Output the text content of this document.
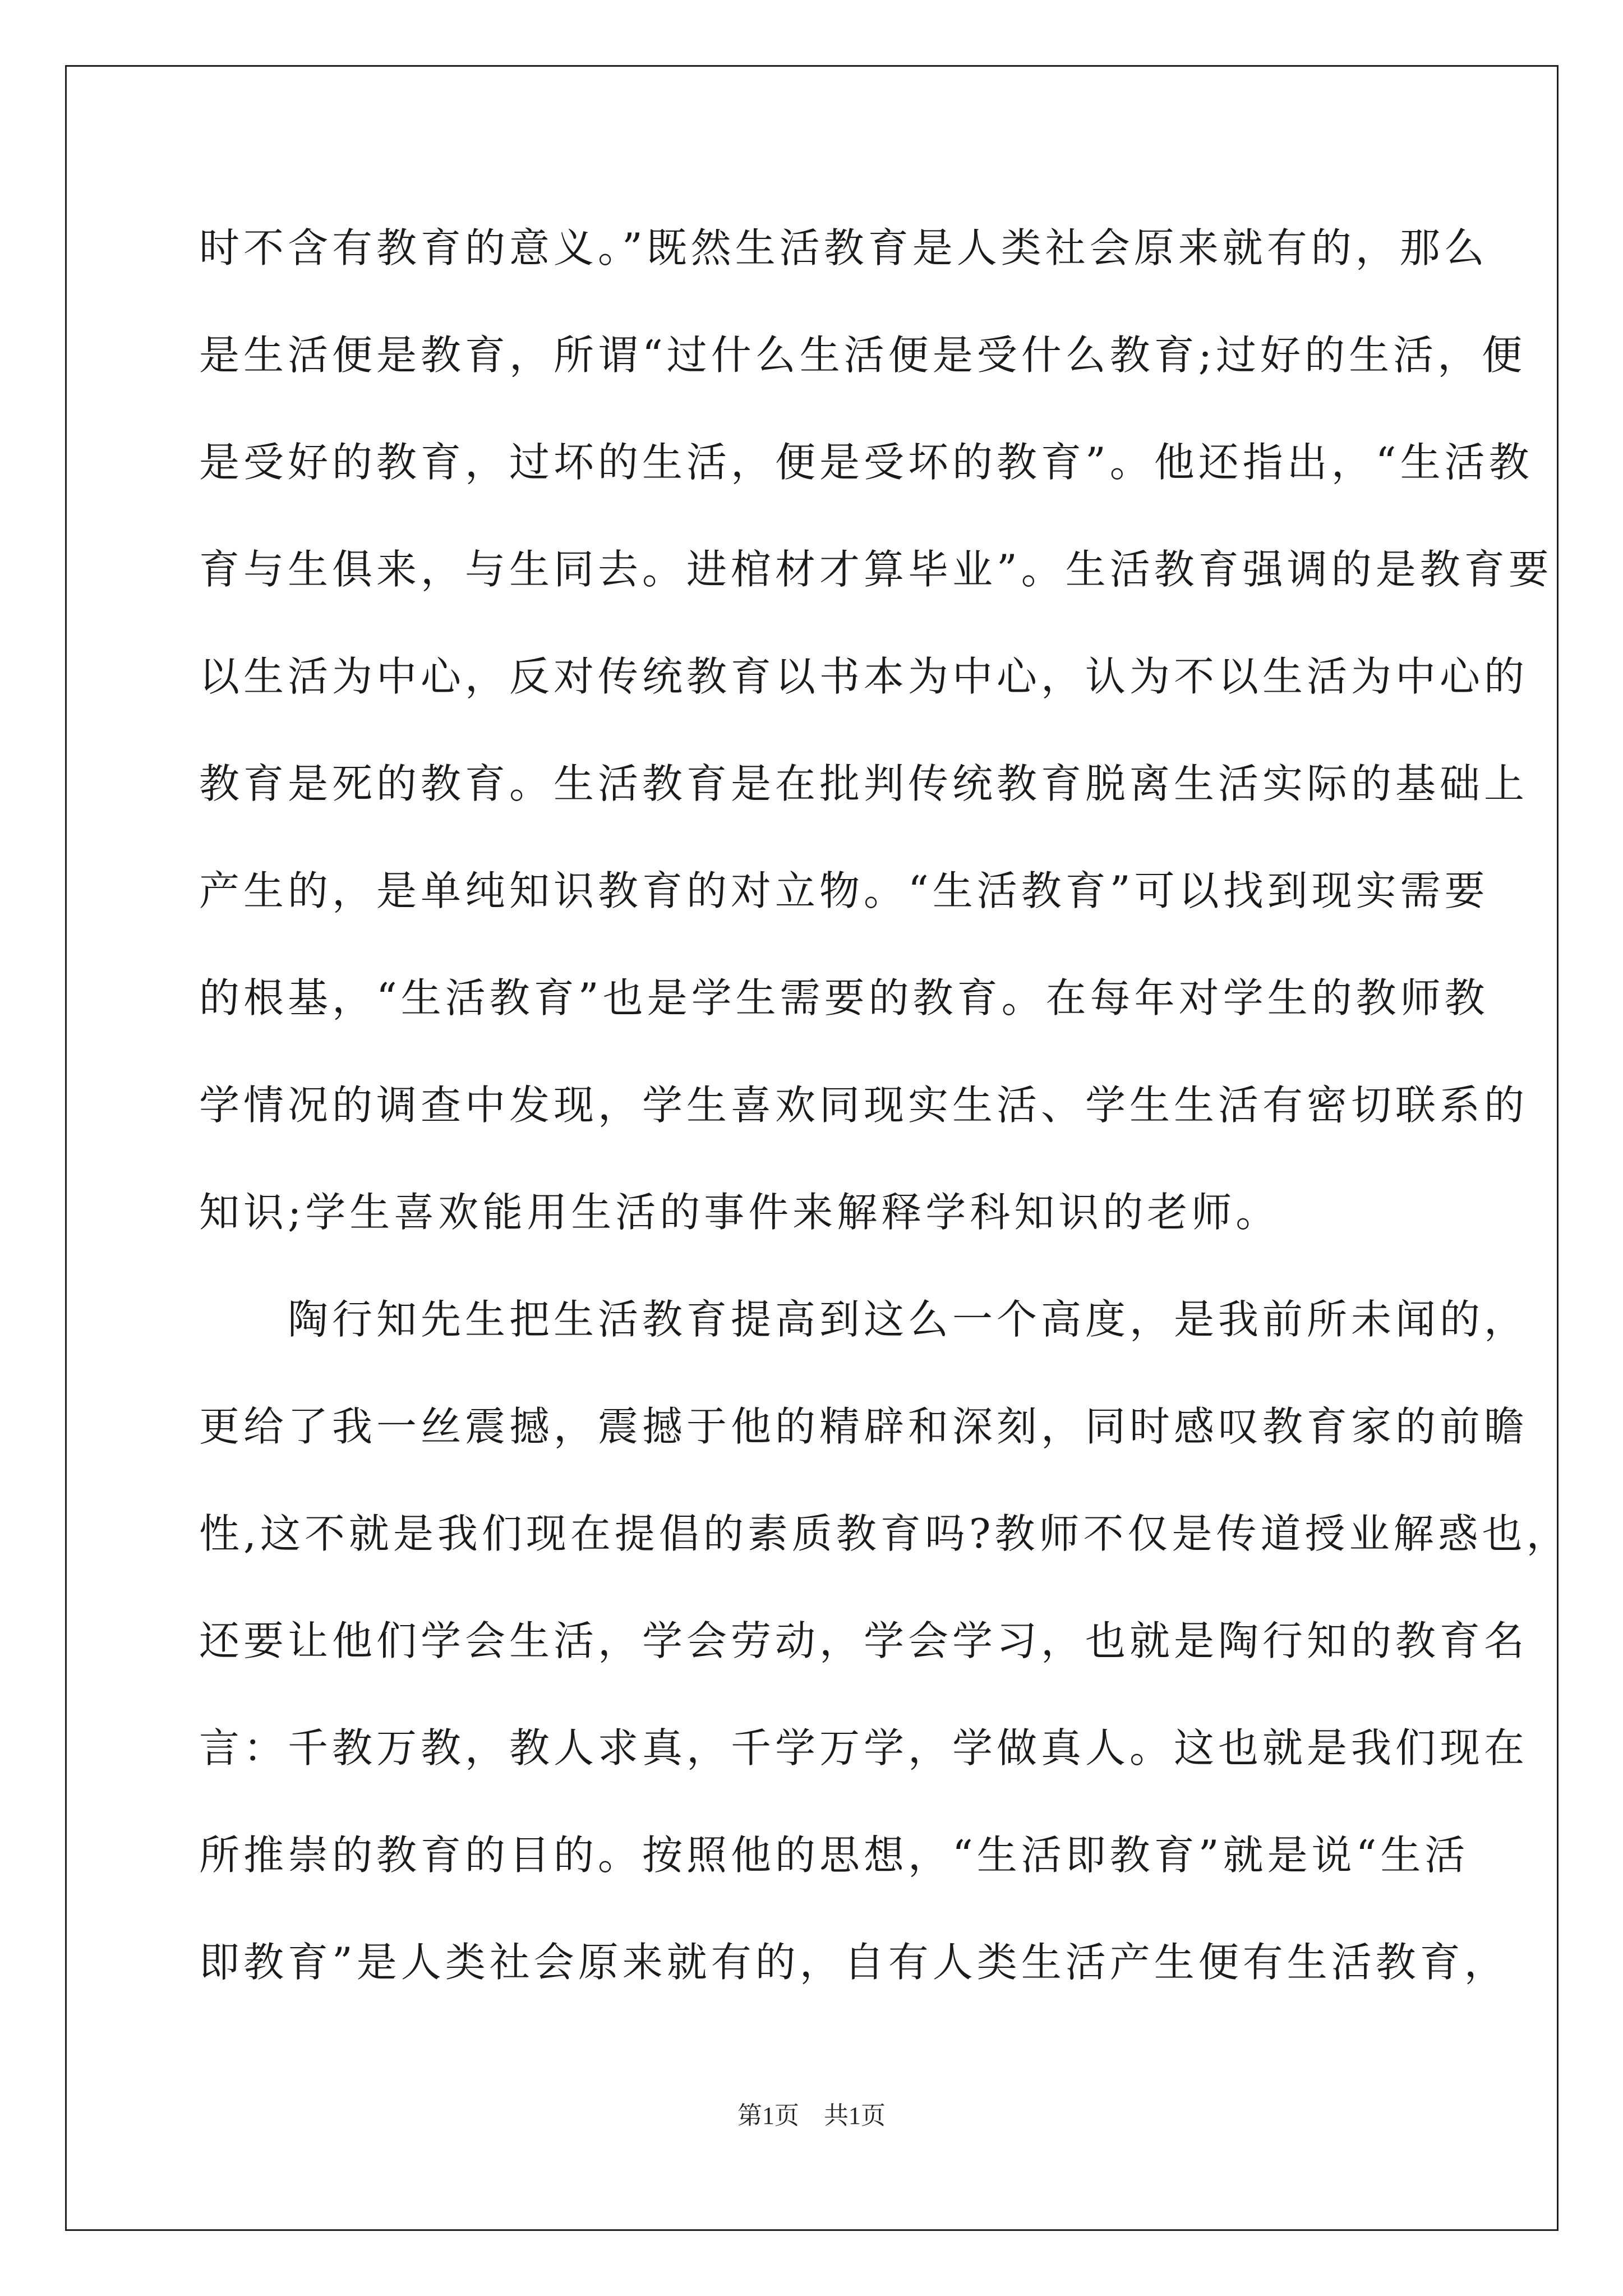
时不含有教育的意义。”既然生活教育是人类社会原来就有的，那么
是生活便是教育，所谓“过什么生活便是受什么教育;过好的生活，便
是受好的教育，过坏的生活，便是受坏的教育”。他还指出，“生活教
育与生俱来，与生同去。进棺材才算毕业”。生活教育强调的是教育要
以生活为中心，反对传统教育以书本为中心，认为不以生活为中心的
教育是死的教育。生活教育是在批判传统教育脱离生活实际的基础上
产生的，是单纯知识教育的对立物。“生活教育”可以找到现实需要
的根基，“生活教育”也是学生需要的教育。在每年对学生的教师教
学情况的调查中发现，学生喜欢同现实生活、学生生活有密切联系的
知识;学生喜欢能用生活的事件来解释学科知识的老师。
　　陶行知先生把生活教育提高到这么一个高度，是我前所未闻的，
更给了我一丝震撼，震撼于他的精辟和深刻，同时感叹教育家的前瞻
性,这不就是我们现在提倡的素质教育吗?教师不仅是传道授业解惑也，
还要让他们学会生活，学会劳动，学会学习，也就是陶行知的教育名
言：千教万教，教人求真，千学万学，学做真人。这也就是我们现在
所推崇的教育的目的。按照他的思想，“生活即教育”就是说“生活
即教育”是人类社会原来就有的，自有人类生活产生便有生活教育，
第1页　共1页
